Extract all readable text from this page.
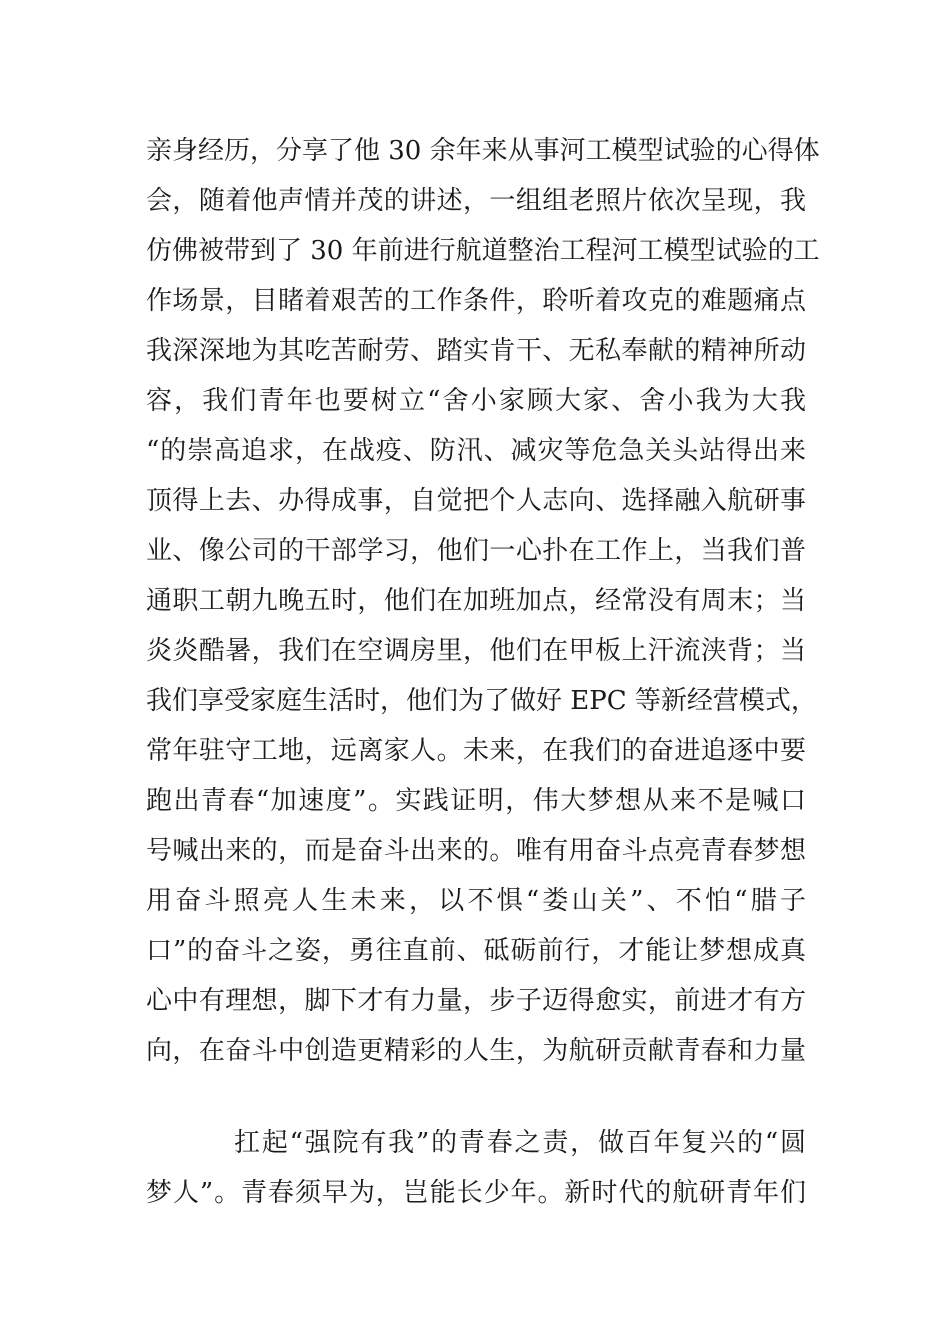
亲身经历，分享了他 30 余年来从事河工模型试验的心得体
会，随着他声情并茂的讲述，一组组老照片依次呈现，我
仿佛被带到了 30 年前进行航道整治工程河工模型试验的工
作场景，目睹着艰苦的工作条件，聆听着攻克的难题痛点
我深深地为其吃苦耐劳、踏实肯干、无私奉献的精神所动
容，我们青年也要树立“舍小家顾大家、舍小我为大我
“的崇高追求，在战疫、防汛、减灾等危急关头站得出来
顶得上去、办得成事，自觉把个人志向、选择融入航研事
业、像公司的干部学习，他们一心扑在工作上，当我们普
通职工朝九晚五时，他们在加班加点，经常没有周末；当
炎炎酷暑，我们在空调房里，他们在甲板上汗流浃背；当
我们享受家庭生活时，他们为了做好 EPC 等新经营模式，
常年驻守工地，远离家人。未来，在我们的奋进追逐中要
跑出青春“加速度”。实践证明，伟大梦想从来不是喊口
号喊出来的，而是奋斗出来的。唯有用奋斗点亮青春梦想
用奋斗照亮人生未来，以不惧“娄山关”、不怕“腊子
口”的奋斗之姿，勇往直前、砥砺前行，才能让梦想成真
心中有理想，脚下才有力量，步子迈得愈实，前进才有方
向，在奋斗中创造更精彩的人生，为航研贡献青春和力量
扛起“强院有我”的青春之责，做百年复兴的“圆
梦人”。青春须早为，岂能长少年。新时代的航研青年们
